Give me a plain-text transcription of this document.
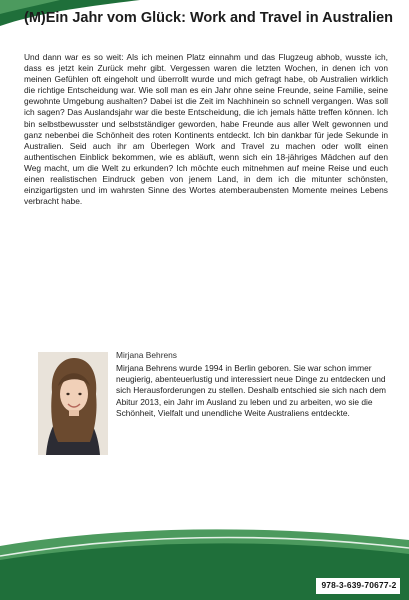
(M)Ein Jahr vom Glück: Work and Travel in Australien

Und dann war es so weit: Als ich meinen Platz einnahm und das Flugzeug abhob, wusste ich, dass es jetzt kein Zurück mehr gibt. Vergessen waren die letzten Wochen, in denen ich von meinen Gefühlen oft eingeholt und überrollt wurde und mich gefragt habe, ob Australien wirklich die richtige Entscheidung war. Wie soll man es ein Jahr ohne seine Freunde, seine Familie, seine gewohnte Umgebung aushalten? Dabei ist die Zeit im Nachhinein so schnell vergangen. Was soll ich sagen? Das Auslandsjahr war die beste Entscheidung, die ich jemals hätte treffen können. Ich bin selbstbewusster und selbstständiger geworden, habe Freunde aus aller Welt gewonnen und ganz nebenbei die Schönheit des roten Kontinents entdeckt. Ich bin dankbar für jede Sekunde in Australien. Seid auch ihr am Überlegen Work and Travel zu machen oder wollt einen authentischen Einblick bekommen, wie es abläuft, wenn sich ein 18-jähriges Mädchen auf den Weg macht, um die Welt zu erkunden? Ich möchte euch mitnehmen auf meine Reise und euch einen realistischen Eindruck geben von jenem Land, in dem ich die mitunter schönsten, einzigartigsten und im wahrsten Sinne des Wortes atemberaubensten Momente meines Lebens verbracht habe.

Mirjana Behrens

Mirjana Behrens wurde 1994 in Berlin geboren. Sie war schon immer neugierig, abenteuerlustig und interessiert neue Dinge zu entdecken und sich Herausforderungen zu stellen. Deshalb entschied sie sich nach dem Abitur 2013, ein Jahr im Ausland zu leben und zu arbeiten, wo sie die Schönheit, Vielfalt und unendliche Weite Australiens entdeckte.

978-3-639-70677-2
